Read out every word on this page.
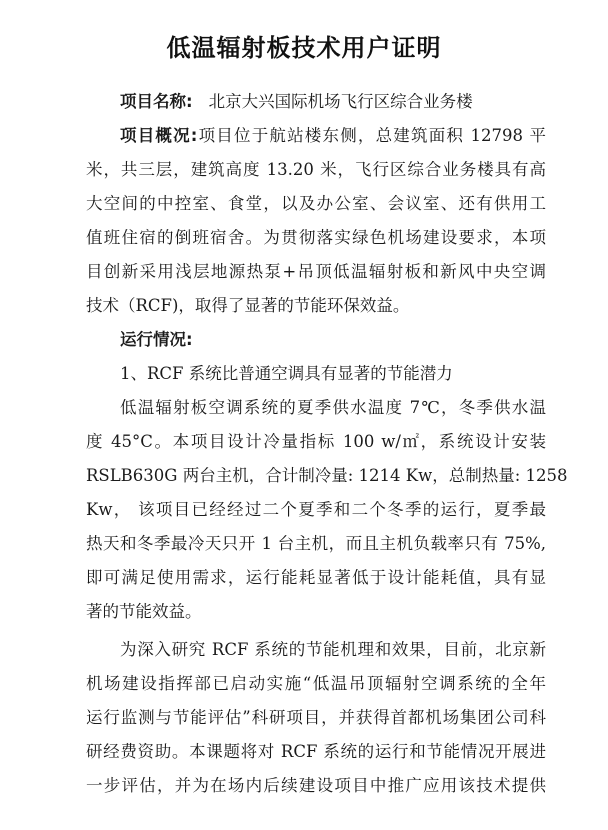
低温辐射板技术用户证明
项目名称: 北京大兴国际机场飞行区综合业务楼
项目概况:项目位于航站楼东侧，总建筑面积 12798 平
米，共三层，建筑高度 13.20 米，飞行区综合业务楼具有高
大空间的中控室、食堂，以及办公室、会议室、还有供用工
值班住宿的倒班宿舍。为贯彻落实绿色机场建设要求，本项
目创新采用浅层地源热泵+吊顶低温辐射板和新风中央空调
技术（RCF)，取得了显著的节能环保效益。
运行情况:
1、RCF 系统比普通空调具有显著的节能潜力
低温辐射板空调系统的夏季供水温度 7℃，冬季供水温
度 45°C。本项目设计冷量指标 100 w/㎡，系统设计安装
RSLB630G 两台主机，合计制冷量: 1214 Kw，总制热量: 1258
Kw， 该项目已经经过二个夏季和二个冬季的运行，夏季最
热天和冬季最冷天只开 1 台主机，而且主机负载率只有 75%,
即可满足使用需求，运行能耗显著低于设计能耗值，具有显
著的节能效益。
为深入研究 RCF 系统的节能机理和效果，目前，北京新
机场建设指挥部已启动实施“低温吊顶辐射空调系统的全年
运行监测与节能评估”科研项目，并获得首都机场集团公司科
研经费资助。本课题将对 RCF 系统的运行和节能情况开展进
一步评估，并为在场内后续建设项目中推广应用该技术提供
